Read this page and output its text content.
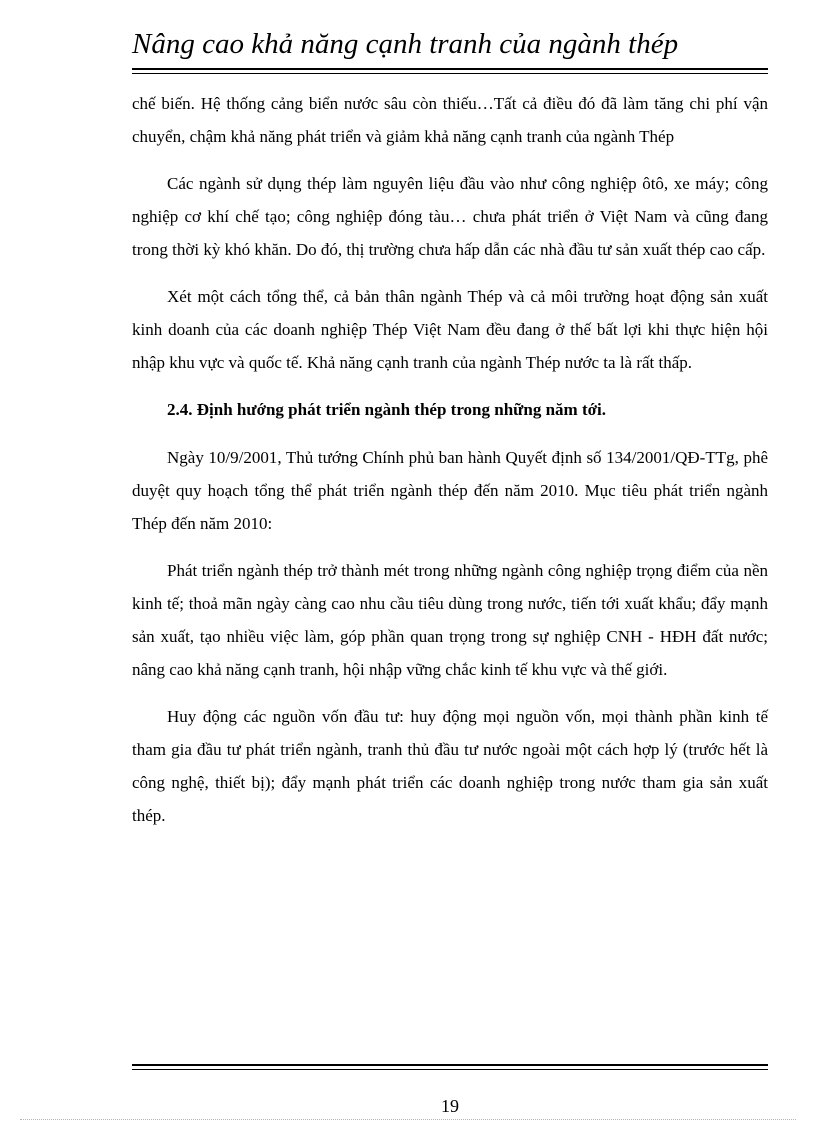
Nâng cao khả năng cạnh tranh của ngành thép

chế biến. Hệ thống cảng biển nước sâu còn thiếu…Tất cả điều đó đã làm tăng chi phí vận chuyển, chậm khả năng phát triển và giảm khả năng cạnh tranh của ngành Thép

Các ngành sử dụng thép làm nguyên liệu đầu vào như công nghiệp ôtô, xe máy; công nghiệp cơ khí chế tạo; công nghiệp đóng tàu… chưa phát triển ở Việt Nam và cũng đang trong thời kỳ khó khăn. Do đó, thị trường chưa hấp dẫn các nhà đầu tư sản xuất thép cao cấp.

Xét một cách tổng thể, cả bản thân ngành Thép và cả môi trường hoạt động sản xuất kinh doanh của các doanh nghiệp Thép Việt Nam đều đang ở thế bất lợi khi thực hiện hội nhập khu vực và quốc tế. Khả năng cạnh tranh của ngành Thép nước ta là rất thấp.

2.4. Định hướng phát triển ngành thép trong những năm tới.

Ngày 10/9/2001, Thủ tướng Chính phủ ban hành Quyết định số 134/2001/QĐ-TTg, phê duyệt quy hoạch tổng thể phát triển ngành thép đến năm 2010. Mục tiêu phát triển ngành Thép đến năm 2010:

Phát triển ngành thép trở thành mét trong những ngành công nghiệp trọng điểm của nền kinh tế; thoả mãn ngày càng cao nhu cầu tiêu dùng trong nước, tiến tới xuất khẩu; đẩy mạnh sản xuất, tạo nhiều việc làm, góp phần quan trọng trong sự nghiệp CNH - HĐH đất nước; nâng cao khả năng cạnh tranh, hội nhập vững chắc kinh tế khu vực và thế giới.

Huy động các nguồn vốn đầu tư: huy động mọi nguồn vốn, mọi thành phần kinh tế tham gia đầu tư phát triển ngành, tranh thủ đầu tư nước ngoài một cách hợp lý (trước hết là công nghệ, thiết bị); đẩy mạnh phát triển các doanh nghiệp trong nước tham gia sản xuất thép.

19
